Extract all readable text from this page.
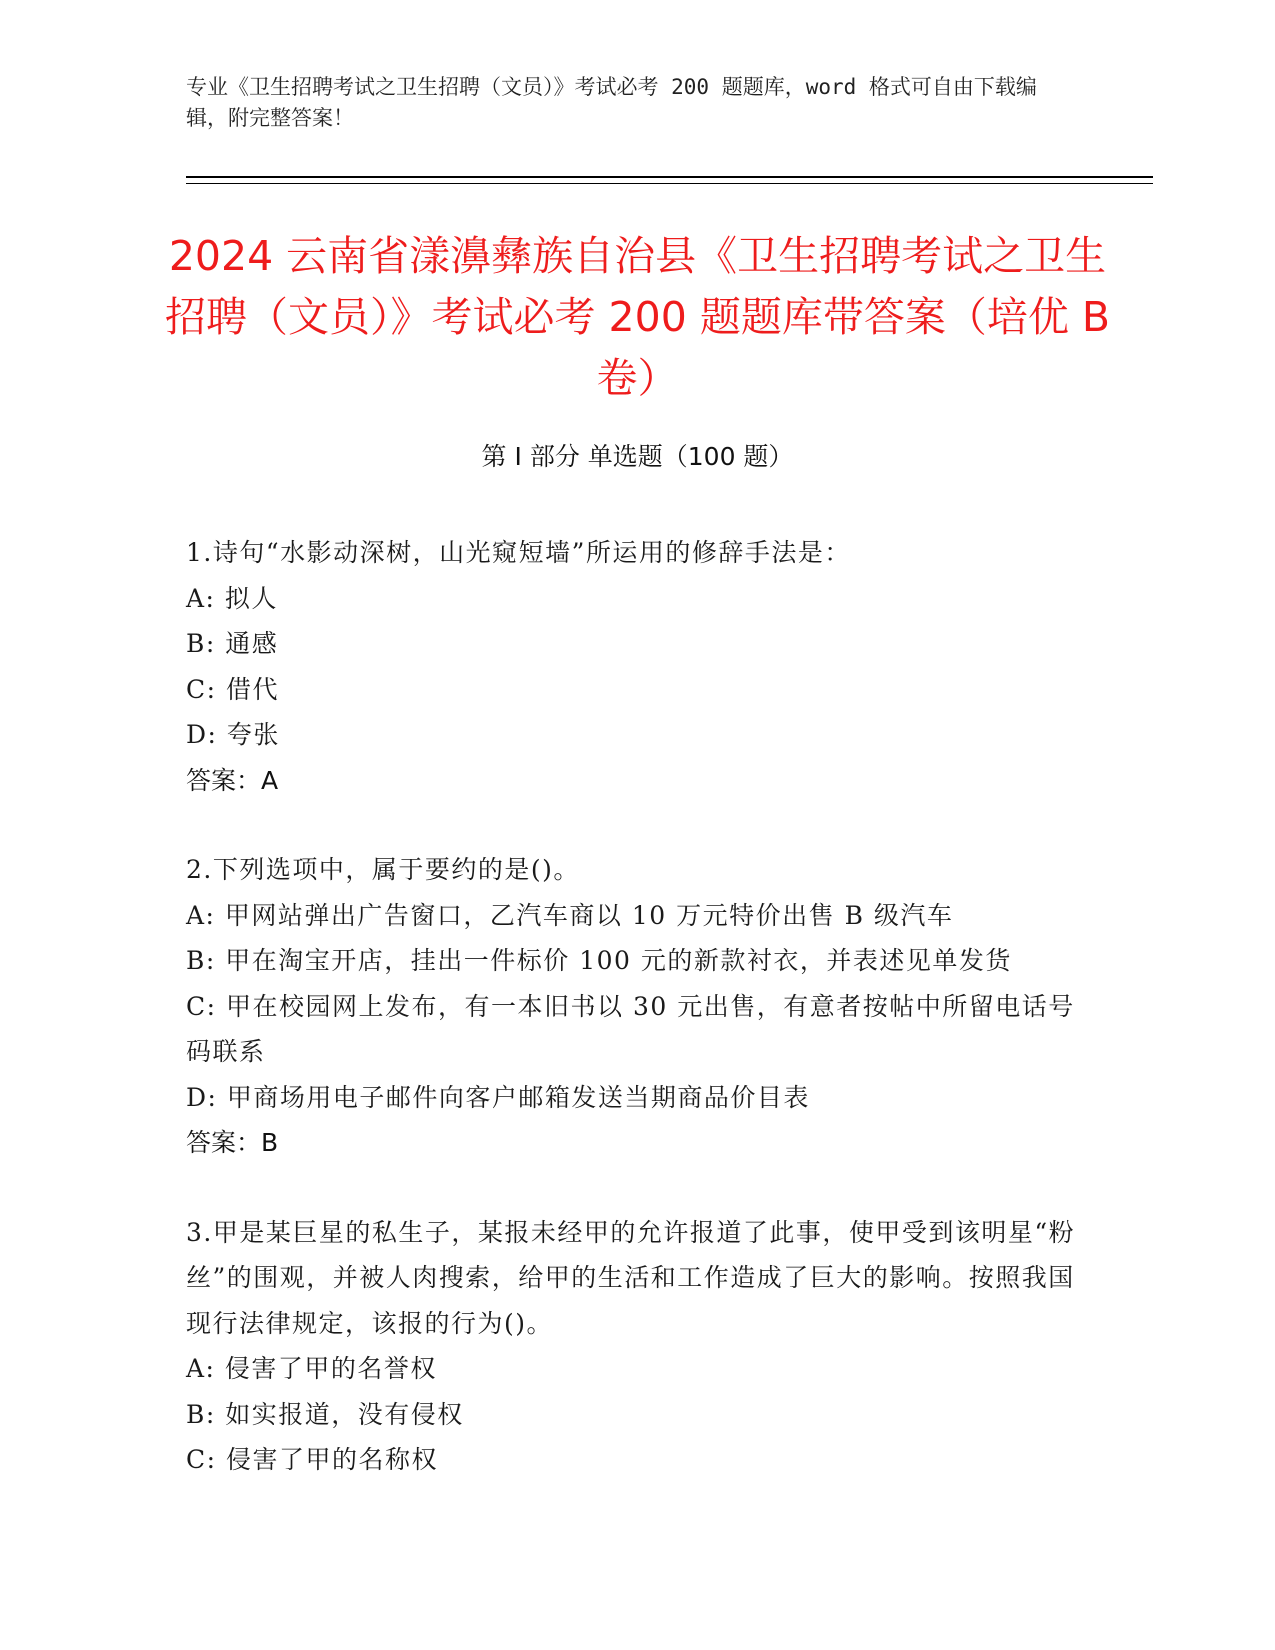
专业《卫生招聘考试之卫生招聘（文员）》考试必考 200 题题库，word 格式可自由下载编辑，附完整答案！
2024 云南省漾濞彝族自治县《卫生招聘考试之卫生招聘（文员）》考试必考 200 题题库带答案（培优 B 卷）
第 I 部分 单选题（100 题）
1.诗句“水影动深树，山光窥短墙”所运用的修辞手法是：
A: 拟人
B: 通感
C: 借代
D: 夸张
答案：A
2.下列选项中，属于要约的是()。
A: 甲网站弹出广告窗口，乙汽车商以 10 万元特价出售 B 级汽车
B: 甲在淘宝开店，挂出一件标价 100 元的新款衬衣，并表述见单发货
C: 甲在校园网上发布，有一本旧书以 30 元出售，有意者按帖中所留电话号码联系
D: 甲商场用电子邮件向客户邮箱发送当期商品价目表
答案：B
3.甲是某巨星的私生子，某报未经甲的允许报道了此事，使甲受到该明星“粉丝”的围观，并被人肉搜索，给甲的生活和工作造成了巨大的影响。按照我国现行法律规定，该报的行为()。
A: 侵害了甲的名誉权
B: 如实报道，没有侵权
C: 侵害了甲的名称权
